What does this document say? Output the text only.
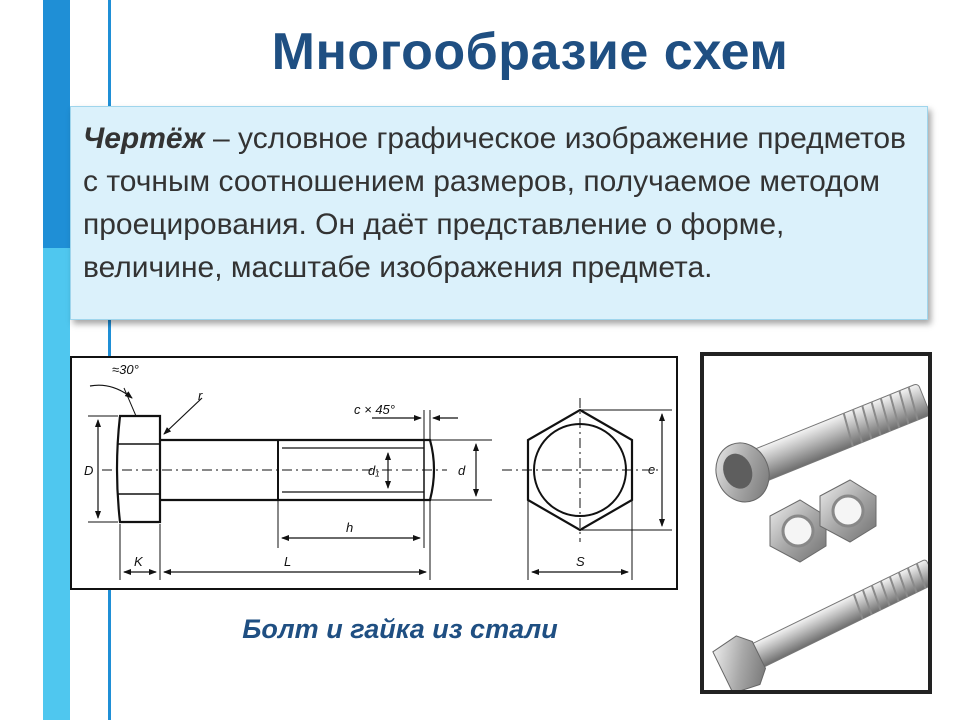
Многообразие схем

Чертёж – условное графическое изображение предметов с точным соотношением размеров, получаемое методом проецирования. Он даёт представление о форме, величине, масштабе изображения предмета.

≈30°
r
c × 45°
D	d₁	d
h
K	L
e
S
Болт и гайка из стали
